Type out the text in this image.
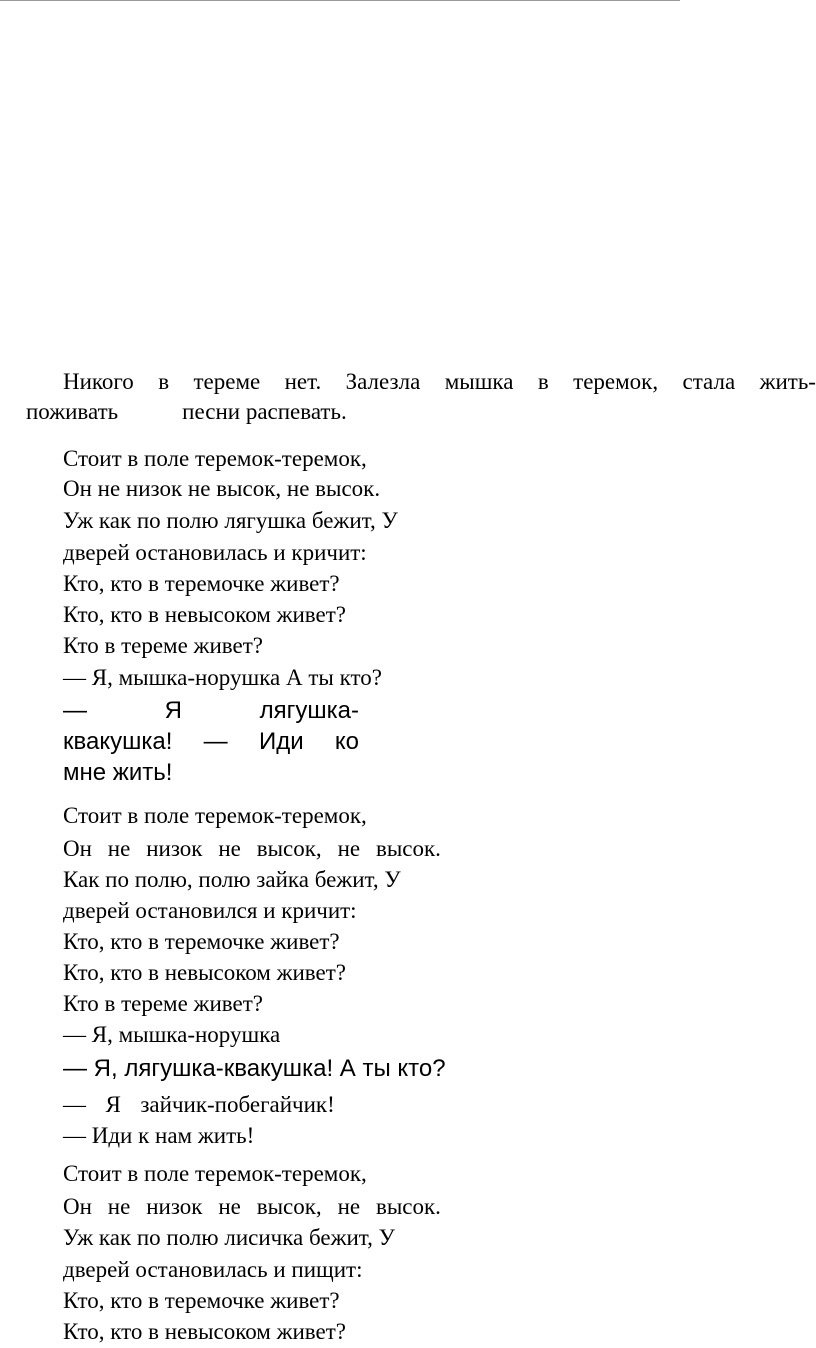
Никого в тереме нет. Залезла мышка в теремок, стала жить-
поживать	песни распевать.
Стоит в поле теремок-теремок,
Он не низок не высок, не высок.
Уж как по полю лягушка бежит, У
дверей остановилась и кричит:
Кто, кто в теремочке живет?
Кто, кто в невысоком живет?
Кто в тереме живет?
— Я, мышка-норушка А ты кто?
—	Я	лягушка-
квакушка! — Иди ко
мне жить!
Стоит в поле теремок-теремок,
Он не низок не высок, не высок.
Как по полю, полю зайка бежит, У
дверей остановился и кричит:
Кто, кто в теремочке живет?
Кто, кто в невысоком живет?
Кто в тереме живет?
— Я, мышка-норушка
— Я, лягушка-квакушка! А ты кто?
— Я зайчик-побегайчик!
— Иди к нам жить!
Стоит в поле теремок-теремок,
Он не низок не высок, не высок.
Уж как по полю лисичка бежит, У
дверей остановилась и пищит:
Кто, кто в теремочке живет?
Кто, кто в невысоком живет?
